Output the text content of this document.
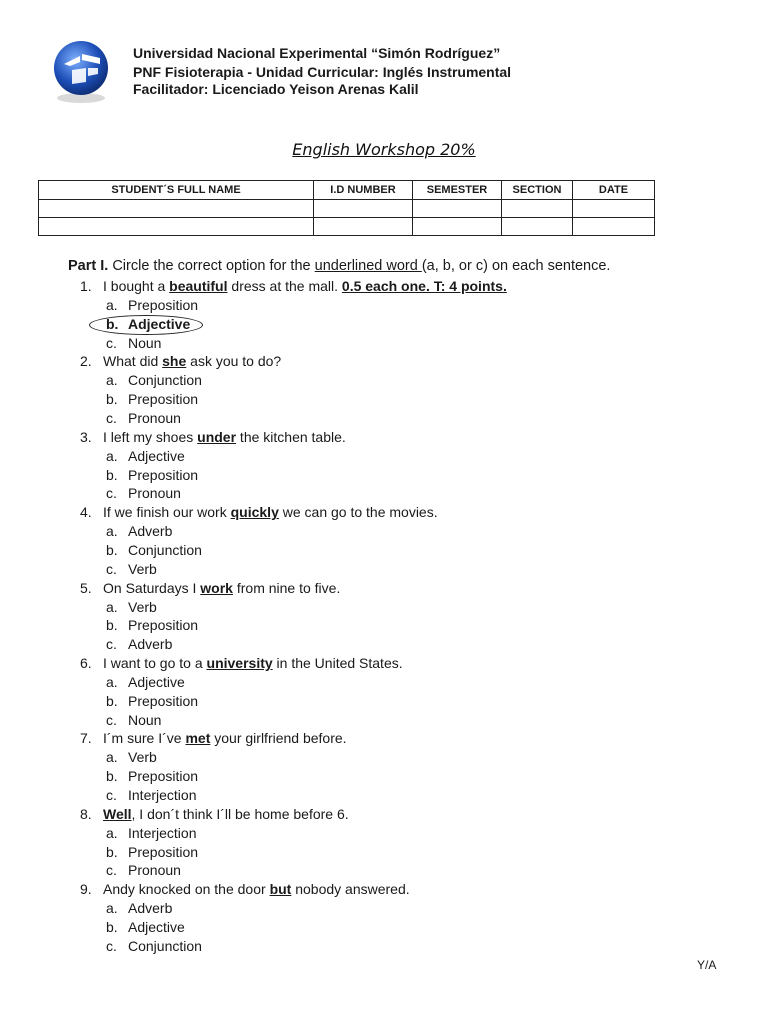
Universidad Nacional Experimental “Simón Rodríguez”
PNF Fisioterapia - Unidad Curricular: Inglés Instrumental
Facilitador: Licenciado Yeison Arenas Kalil
English Workshop 20%
STUDENT´S FULL NAME	I.D NUMBER	SEMESTER	SECTION	DATE

Part I. Circle the correct option for the underlined word (a, b, or c) on each sentence.
1. I bought a beautiful dress at the mall. 0.5 each one. T: 4 points.
a. Preposition
b. Adjective
c. Noun
2. What did she ask you to do?
a. Conjunction
b. Preposition
c. Pronoun
3. I left my shoes under the kitchen table.
a. Adjective
b. Preposition
c. Pronoun
4. If we finish our work quickly we can go to the movies.
a. Adverb
b. Conjunction
c. Verb
5. On Saturdays I work from nine to five.
a. Verb
b. Preposition
c. Adverb
6. I want to go to a university in the United States.
a. Adjective
b. Preposition
c. Noun
7. I´m sure I´ve met your girlfriend before.
a. Verb
b. Preposition
c. Interjection
8. Well, I don´t think I´ll be home before 6.
a. Interjection
b. Preposition
c. Pronoun
9. Andy knocked on the door but nobody answered.
a. Adverb
b. Adjective
c. Conjunction
Y/A
